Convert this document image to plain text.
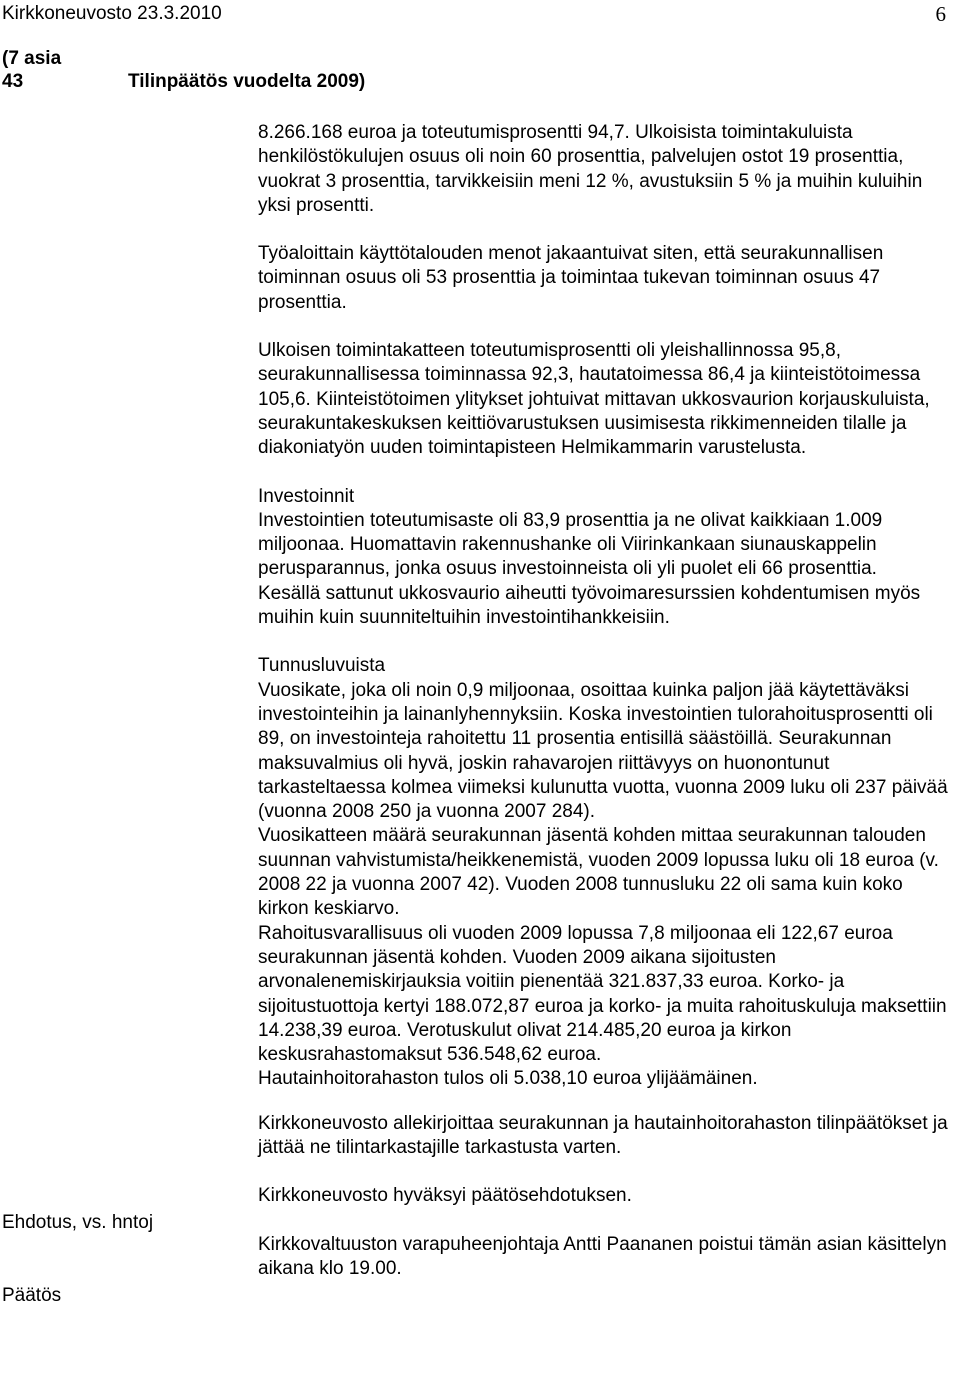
Kirkkoneuvosto 23.3.2010	6
(7 asia
43	Tilinpäätös vuodelta 2009)

8.266.168 euroa ja toteutumisprosentti 94,7. Ulkoisista toimintakuluista henkilöstökulujen osuus oli noin 60 prosenttia, palvelujen ostot 19 prosenttia, vuokrat 3 prosenttia, tarvikkeisiin meni 12 %, avustuksiin 5 % ja muihin kuluihin yksi prosentti.

Työaloittain käyttötalouden menot jakaantuivat siten, että seurakunnallisen toiminnan osuus oli 53 prosenttia ja toimintaa tukevan toiminnan osuus 47 prosenttia.

Ulkoisen toimintakatteen toteutumisprosentti oli yleishallinnossa 95,8, seurakunnallisessa toiminnassa 92,3, hautatoimessa 86,4 ja kiinteistötoimessa 105,6. Kiinteistötoimen ylitykset johtuivat mittavan ukkosvaurion korjauskuluista, seurakuntakeskuksen keittiövarustuksen uusimisesta rikkimenneiden tilalle ja diakoniatyön uuden toimintapisteen Helmikammarin varustelusta.

Investoinnit

Investointien toteutumisaste oli 83,9 prosenttia ja ne olivat kaikkiaan 1.009 miljoonaa. Huomattavin rakennushanke oli Viirinkankaan siunauskappelin perusparannus, jonka osuus investoinneista oli yli puolet eli 66 prosenttia.

Kesällä sattunut ukkosvaurio aiheutti työvoimaresurssien kohdentumisen myös muihin kuin suunniteltuihin investointihankkeisiin.

Tunnusluvuista

Vuosikate, joka oli noin 0,9 miljoonaa, osoittaa kuinka paljon jää käytettäväksi investointeihin ja lainanlyhennyksiin. Koska investointien tulorahoitusprosentti oli 89, on investointeja rahoitettu 11 prosentia entisillä säästöillä. Seurakunnan maksuvalmius oli hyvä, joskin rahavarojen riittävyys on huonontunut tarkasteltaessa kolmea viimeksi kulunutta vuotta, vuonna 2009 luku oli 237 päivää (vuonna 2008 250 ja vuonna 2007 284).

Vuosikatteen määrä seurakunnan jäsentä kohden mittaa seurakunnan talouden suunnan vahvistumista/heikkenemistä, vuoden 2009 lopussa luku oli 18 euroa (v. 2008 22 ja vuonna 2007 42). Vuoden 2008 tunnusluku 22 oli sama kuin koko kirkon keskiarvo.

Rahoitusvarallisuus oli vuoden 2009 lopussa 7,8 miljoonaa eli 122,67 euroa seurakunnan jäsentä kohden. Vuoden 2009 aikana sijoitusten arvonalenemiskirjauksia voitiin pienentää 321.837,33 euroa. Korko- ja sijoitustuottoja kertyi 188.072,87 euroa ja korko- ja muita rahoituskuluja maksettiin 14.238,39 euroa. Verotuskulut olivat 214.485,20 euroa ja kirkon keskusrahastomaksut 536.548,62 euroa.

Hautainhoitorahaston tulos oli 5.038,10 euroa ylijäämäinen.

Kirkkoneuvosto allekirjoittaa seurakunnan ja hautainhoitorahaston tilinpäätökset ja jättää ne tilintarkastajille tarkastusta varten.

Kirkkoneuvosto hyväksyi päätösehdotuksen.

Kirkkovaltuuston varapuheenjohtaja Antti Paananen poistui tämän asian käsittelyn aikana klo 19.00.

Ehdotus, vs. hntoj
Päätös
